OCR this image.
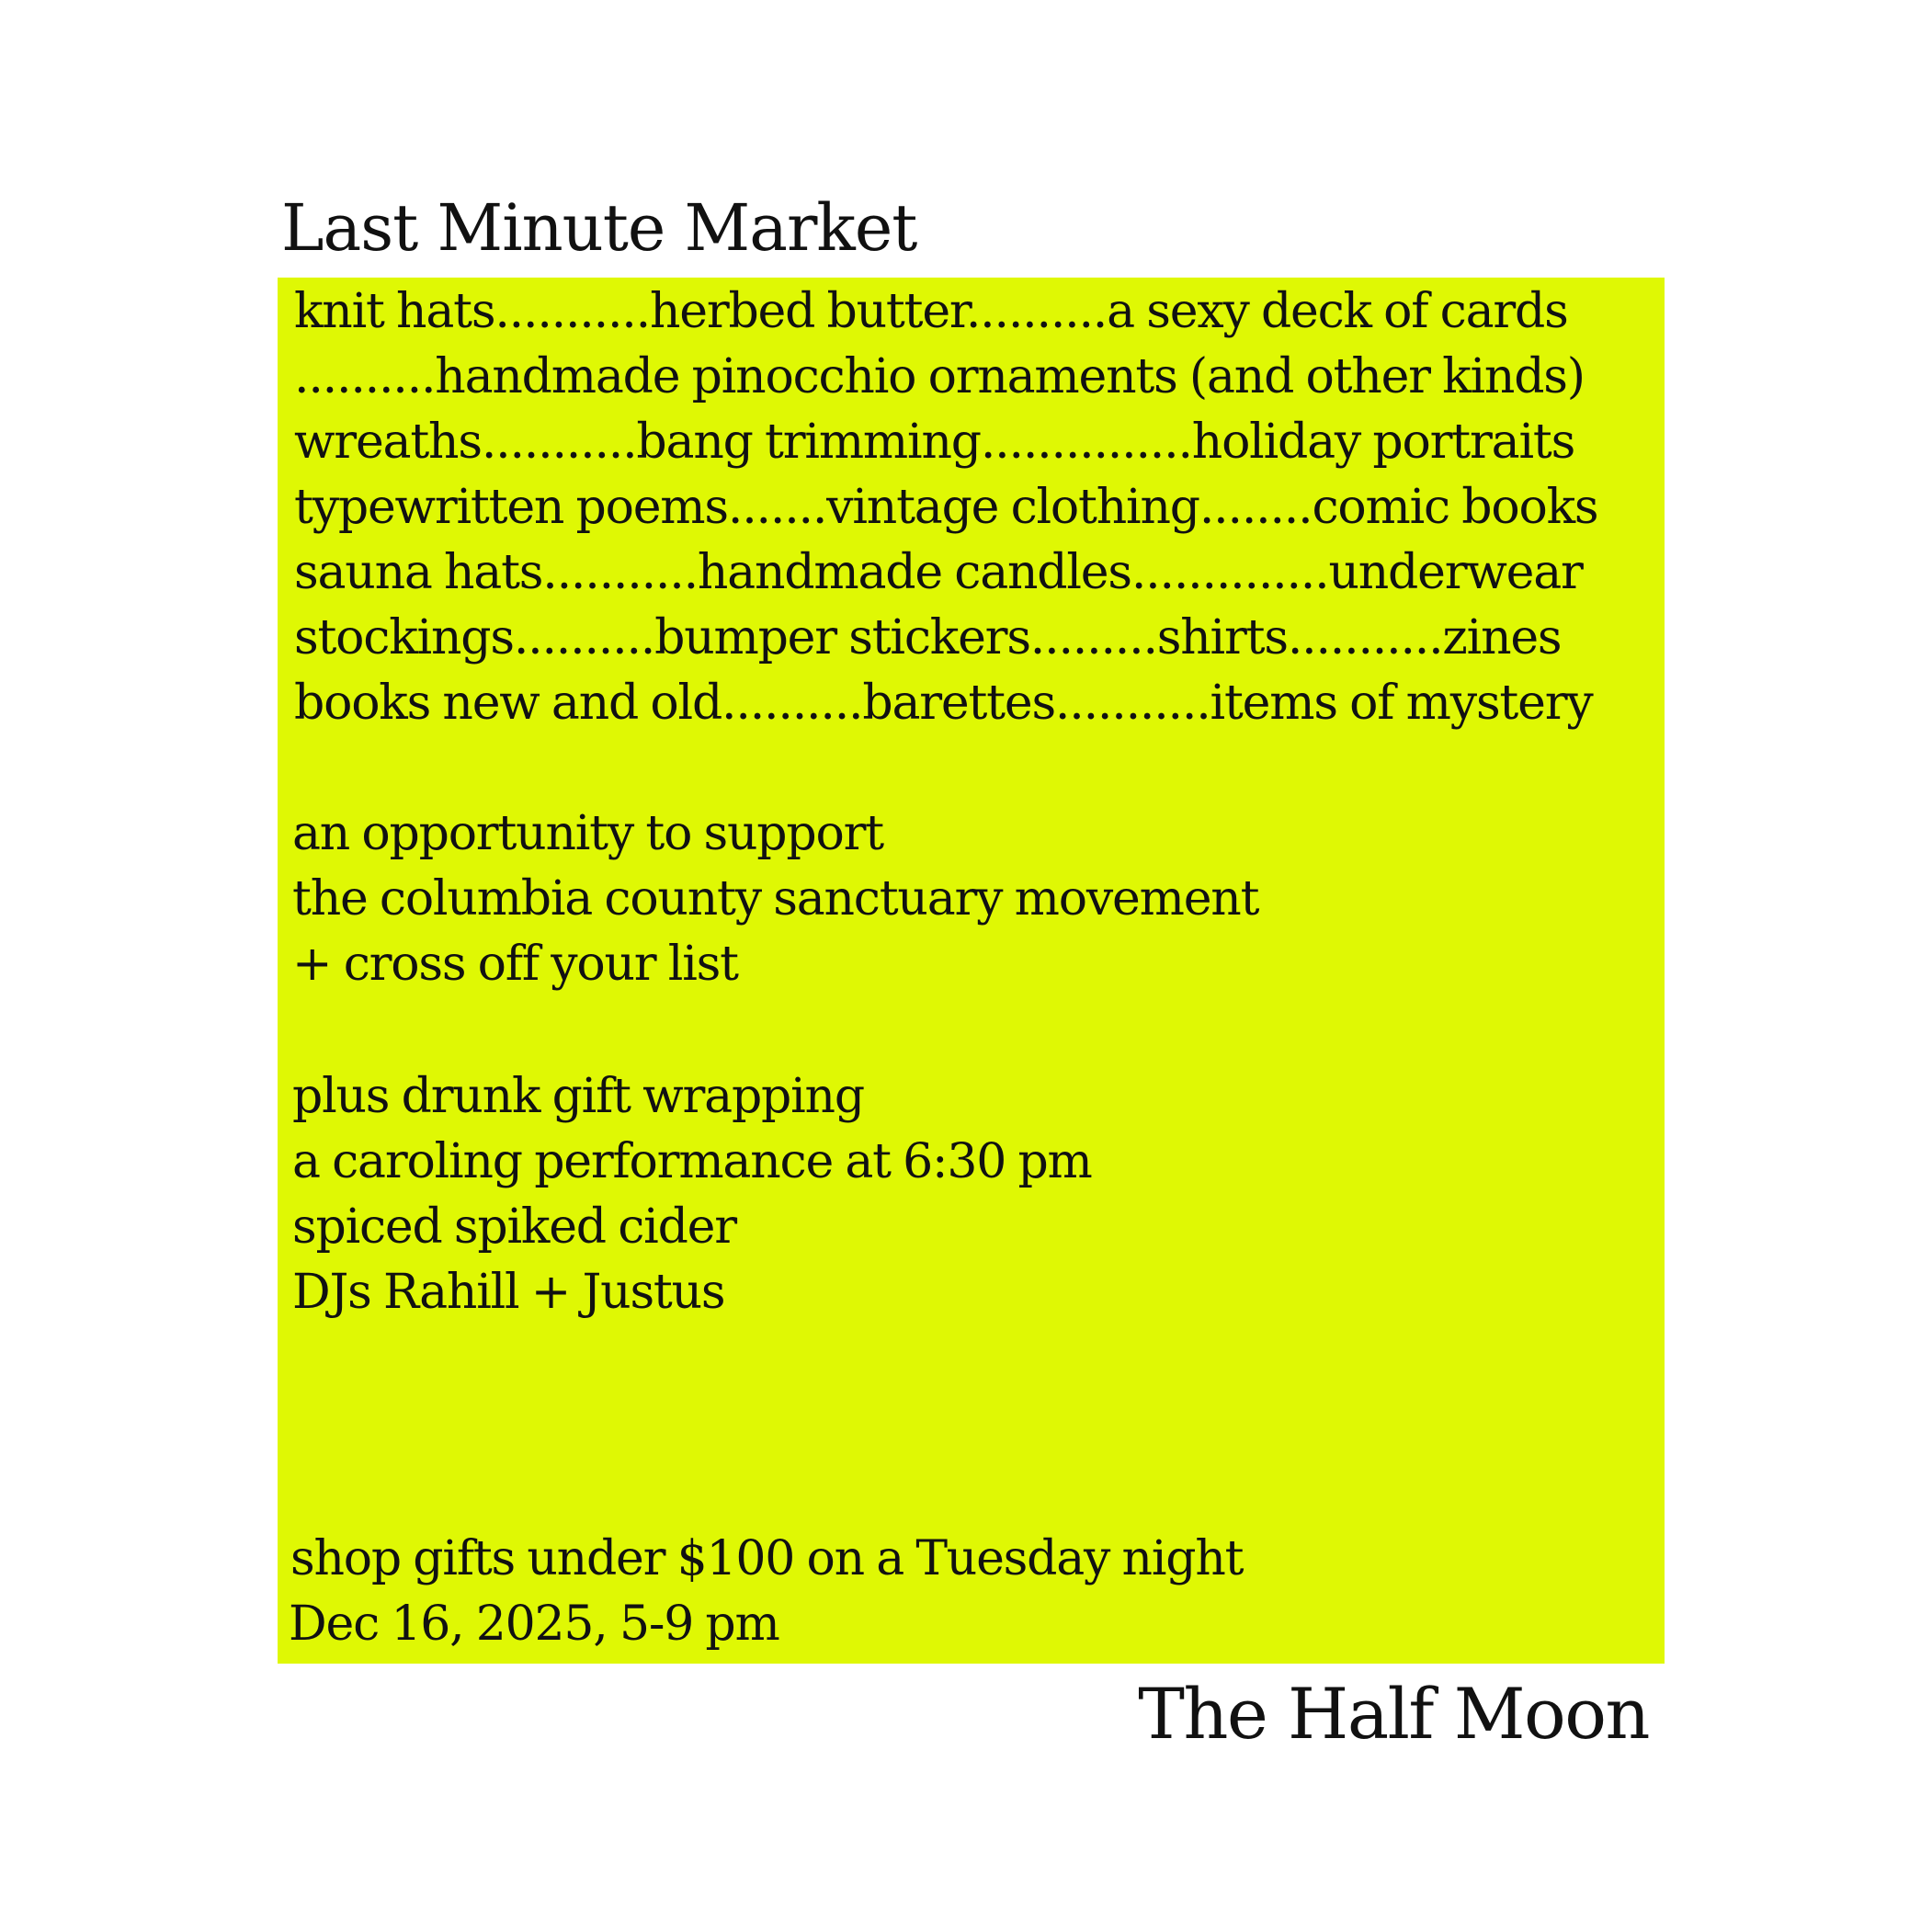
Last Minute Market
knit hats...........herbed butter..........a sexy deck of cards
..........handmade pinocchio ornaments (and other kinds)
wreaths...........bang trimming...............holiday portraits
typewritten poems.......vintage clothing........comic books
sauna hats...........handmade candles..............underwear
stockings..........bumper stickers.........shirts...........zines
books new and old..........barettes...........items of mystery
an opportunity to support
the columbia county sanctuary movement
+ cross off your list
plus drunk gift wrapping
a caroling performance at 6:30 pm
spiced spiked cider
DJs Rahill + Justus
shop gifts under $100 on a Tuesday night
Dec 16, 2025, 5-9 pm
The Half Moon
